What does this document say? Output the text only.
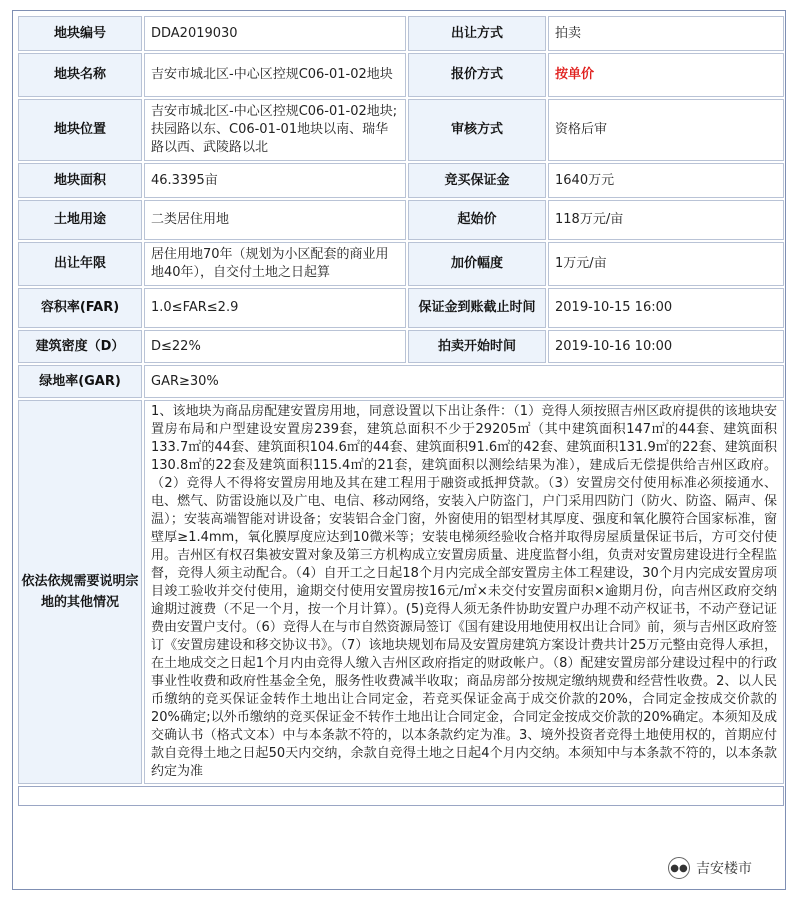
地块编号	DDA2019030	出让方式	拍卖
地块名称	吉安市城北区-中心区控规C06-01-02地块	报价方式	按单价
地块位置	吉安市城北区-中心区控规C06-01-02地块;扶园路以东、C06-01-01地块以南、瑞华路以西、武陵路以北	审核方式	资格后审
地块面积	46.3395亩	竞买保证金	1640万元
土地用途	二类居住用地	起始价	118万元/亩
出让年限	居住用地70年（规划为小区配套的商业用地40年），自交付土地之日起算	加价幅度	1万元/亩
容积率(FAR)	1.0≤FAR≤2.9	保证金到账截止时间	2019-10-15 16:00
建筑密度（D）	D≤22%	拍卖开始时间	2019-10-16 10:00
绿地率(GAR)	GAR≥30%		
依法依规需要说明宗地的其他情况	1、该地块为商品房配建安置房用地，同意设置以下出让条件：（1）竞得人须按照吉州区政府提供的该地块安置房布局和户型建设安置房239套，建筑总面积不少于29205㎡（其中建筑面积147㎡的44套、建筑面积133.7㎡的44套、建筑面积104.6㎡的44套、建筑面积91.6㎡的42套、建筑面积131.9㎡的22套、建筑面积130.8㎡的22套及建筑面积115.4㎡的21套，建筑面积以测绘结果为准），建成后无偿提供给吉州区政府。（2）竞得人不得将安置房用地及其在建工程用于融资或抵押贷款。（3）安置房交付使用标准必须接通水、电、燃气、防雷设施以及广电、电信、移动网络，安装入户防盗门，户门采用四防门（防火、防盗、隔声、保温）；安装高端智能对讲设备；安装铝合金门窗，外窗使用的铝型材其厚度、强度和氧化膜符合国家标准，窗壁厚≥1.4mm，氧化膜厚度应达到10微米等；安装电梯须经验收合格并取得房屋质量保证书后，方可交付使用。吉州区有权召集被安置对象及第三方机构成立安置房质量、进度监督小组，负责对安置房建设进行全程监督，竞得人须主动配合。（4）自开工之日起18个月内完成全部安置房主体工程建设，30个月内完成安置房项目竣工验收并交付使用，逾期交付使用安置房按16元/㎡×未交付安置房面积×逾期月份，向吉州区政府交纳逾期过渡费（不足一个月，按一个月计算）。(5)竞得人须无条件协助安置户办理不动产权证书，不动产登记证费由安置户支付。（6）竞得人在与市自然资源局签订《国有建设用地使用权出让合同》前，须与吉州区政府签订《安置房建设和移交协议书》。（7）该地块规划布局及安置房建筑方案设计费共计25万元整由竞得人承担，在土地成交之日起1个月内由竞得人缴入吉州区政府指定的财政帐户。（8）配建安置房部分建设过程中的行政事业性收费和政府性基金全免，服务性收费减半收取；商品房部分按规定缴纳规费和经营性收费。2、以人民币缴纳的竞买保证金转作土地出让合同定金，若竞买保证金高于成交价款的20%，合同定金按成交价款的20%确定;以外币缴纳的竞买保证金不转作土地出让合同定金，合同定金按成交价款的20%确定。本须知及成交确认书（格式文本）中与本条款不符的，以本条款约定为准。3、境外投资者竞得土地使用权的，首期应付款自竞得土地之日起50天内交纳，余款自竞得土地之日起4个月内交纳。本须知中与本条款不符的，以本条款约定为准		

●● 吉安楼市
